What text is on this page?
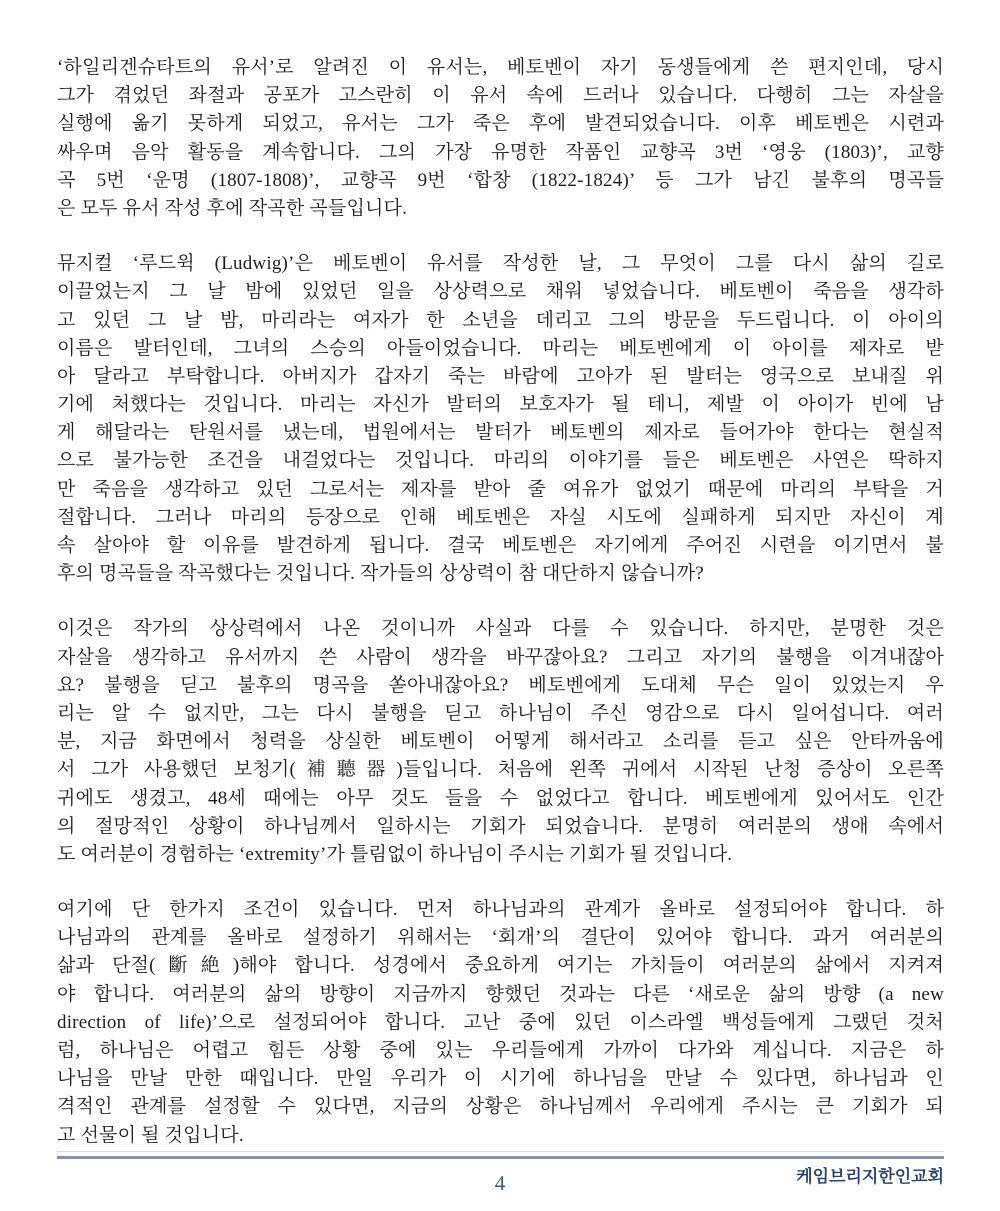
‘하일리겐슈타트의 유서’로 알려진 이 유서는, 베토벤이 자기 동생들에게 쓴 편지인데, 당시
그가 겪었던 좌절과 공포가 고스란히 이 유서 속에 드러나 있습니다. 다행히 그는 자살을
실행에 옮기 못하게 되었고, 유서는 그가 죽은 후에 발견되었습니다. 이후 베토벤은 시련과
싸우며 음악 활동을 계속합니다. 그의 가장 유명한 작품인 교향곡 3번 ‘영웅 (1803)’, 교향
곡 5번 ‘운명 (1807-1808)’, 교향곡 9번 ‘합창 (1822-1824)’ 등 그가 남긴 불후의 명곡들
은 모두 유서 작성 후에 작곡한 곡들입니다.
뮤지컬 ‘루드윅 (Ludwig)’은 베토벤이 유서를 작성한 날, 그 무엇이 그를 다시 삶의 길로
이끌었는지 그 날 밤에 있었던 일을 상상력으로 채워 넣었습니다. 베토벤이 죽음을 생각하
고 있던 그 날 밤, 마리라는 여자가 한 소년을 데리고 그의 방문을 두드립니다. 이 아이의
이름은 발터인데, 그녀의 스승의 아들이었습니다. 마리는 베토벤에게 이 아이를 제자로 받
아 달라고 부탁합니다. 아버지가 갑자기 죽는 바람에 고아가 된 발터는 영국으로 보내질 위
기에 처했다는 것입니다. 마리는 자신가 발터의 보호자가 될 테니, 제발 이 아이가 빈에 남
게 해달라는 탄원서를 냈는데, 법원에서는 발터가 베토벤의 제자로 들어가야 한다는 현실적
으로 불가능한 조건을 내걸었다는 것입니다. 마리의 이야기를 들은 베토벤은 사연은 딱하지
만 죽음을 생각하고 있던 그로서는 제자를 받아 줄 여유가 없었기 때문에 마리의 부탁을 거
절합니다. 그러나 마리의 등장으로 인해 베토벤은 자실 시도에 실패하게 되지만 자신이 계
속 살아야 할 이유를 발견하게 됩니다. 결국 베토벤은 자기에게 주어진 시련을 이기면서 불
후의 명곡들을 작곡했다는 것입니다. 작가들의 상상력이 참 대단하지 않습니까?
이것은 작가의 상상력에서 나온 것이니까 사실과 다를 수 있습니다. 하지만, 분명한 것은
자살을 생각하고 유서까지 쓴 사람이 생각을 바꾸잖아요? 그리고 자기의 불행을 이겨내잖아
요? 불행을 딛고 불후의 명곡을 쏟아내잖아요? 베토벤에게 도대체 무슨 일이 있었는지 우
리는 알 수 없지만, 그는 다시 불행을 딛고 하나님이 주신 영감으로 다시 일어섭니다. 여러
분, 지금 화면에서 청력을 상실한 베토벤이 어떻게 해서라고 소리를 듣고 싶은 안타까움에
서 그가 사용했던 보청기(補聽器)들입니다. 처음에 왼쪽 귀에서 시작된 난청 증상이 오른쪽
귀에도 생겼고, 48세 때에는 아무 것도 들을 수 없었다고 합니다. 베토벤에게 있어서도 인간
의 절망적인 상황이 하나님께서 일하시는 기회가 되었습니다. 분명히 여러분의 생애 속에서
도 여러분이 경험하는 ‘extremity’가 틀림없이 하나님이 주시는 기회가 될 것입니다.
여기에 단 한가지 조건이 있습니다. 먼저 하나님과의 관계가 올바로 설정되어야 합니다. 하
나님과의 관계를 올바로 설정하기 위해서는 ‘회개’의 결단이 있어야 합니다. 과거 여러분의
삶과 단절(斷絶)해야 합니다. 성경에서 중요하게 여기는 가치들이 여러분의 삶에서 지켜져
야 합니다. 여러분의 삶의 방향이 지금까지 향했던 것과는 다른 ‘새로운 삶의 방향 (a new
direction of life)’으로 설정되어야 합니다. 고난 중에 있던 이스라엘 백성들에게 그랬던 것처
럼, 하나님은 어렵고 힘든 상황 중에 있는 우리들에게 가까이 다가와 계십니다. 지금은 하
나님을 만날 만한 때입니다. 만일 우리가 이 시기에 하나님을 만날 수 있다면, 하나님과 인
격적인 관계를 설정할 수 있다면, 지금의 상황은 하나님께서 우리에게 주시는 큰 기회가 되
고 선물이 될 것입니다.
케임브리지한인교회
4
